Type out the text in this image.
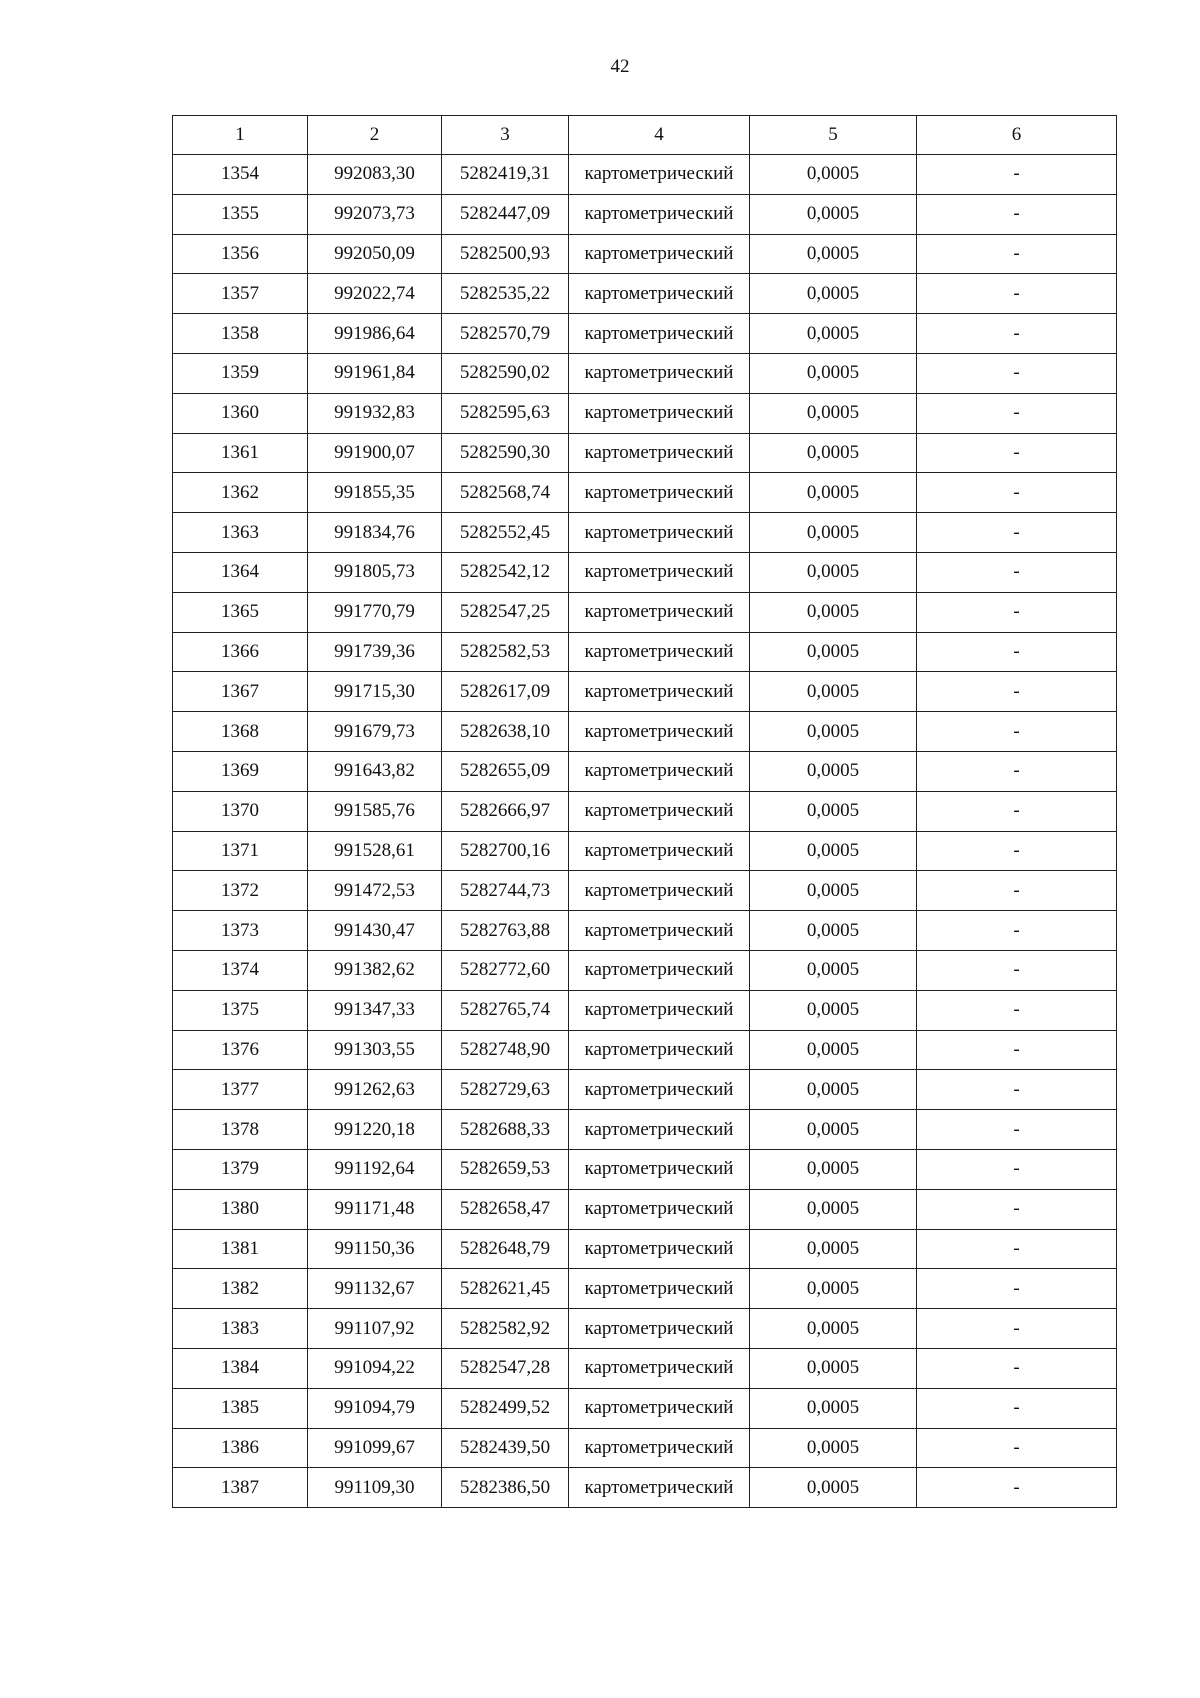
42
1	2	3	4	5	6
1354	992083,30	5282419,31	картометрический	0,0005	-
1355	992073,73	5282447,09	картометрический	0,0005	-
1356	992050,09	5282500,93	картометрический	0,0005	-
1357	992022,74	5282535,22	картометрический	0,0005	-
1358	991986,64	5282570,79	картометрический	0,0005	-
1359	991961,84	5282590,02	картометрический	0,0005	-
1360	991932,83	5282595,63	картометрический	0,0005	-
1361	991900,07	5282590,30	картометрический	0,0005	-
1362	991855,35	5282568,74	картометрический	0,0005	-
1363	991834,76	5282552,45	картометрический	0,0005	-
1364	991805,73	5282542,12	картометрический	0,0005	-
1365	991770,79	5282547,25	картометрический	0,0005	-
1366	991739,36	5282582,53	картометрический	0,0005	-
1367	991715,30	5282617,09	картометрический	0,0005	-
1368	991679,73	5282638,10	картометрический	0,0005	-
1369	991643,82	5282655,09	картометрический	0,0005	-
1370	991585,76	5282666,97	картометрический	0,0005	-
1371	991528,61	5282700,16	картометрический	0,0005	-
1372	991472,53	5282744,73	картометрический	0,0005	-
1373	991430,47	5282763,88	картометрический	0,0005	-
1374	991382,62	5282772,60	картометрический	0,0005	-
1375	991347,33	5282765,74	картометрический	0,0005	-
1376	991303,55	5282748,90	картометрический	0,0005	-
1377	991262,63	5282729,63	картометрический	0,0005	-
1378	991220,18	5282688,33	картометрический	0,0005	-
1379	991192,64	5282659,53	картометрический	0,0005	-
1380	991171,48	5282658,47	картометрический	0,0005	-
1381	991150,36	5282648,79	картометрический	0,0005	-
1382	991132,67	5282621,45	картометрический	0,0005	-
1383	991107,92	5282582,92	картометрический	0,0005	-
1384	991094,22	5282547,28	картометрический	0,0005	-
1385	991094,79	5282499,52	картометрический	0,0005	-
1386	991099,67	5282439,50	картометрический	0,0005	-
1387	991109,30	5282386,50	картометрический	0,0005	-
